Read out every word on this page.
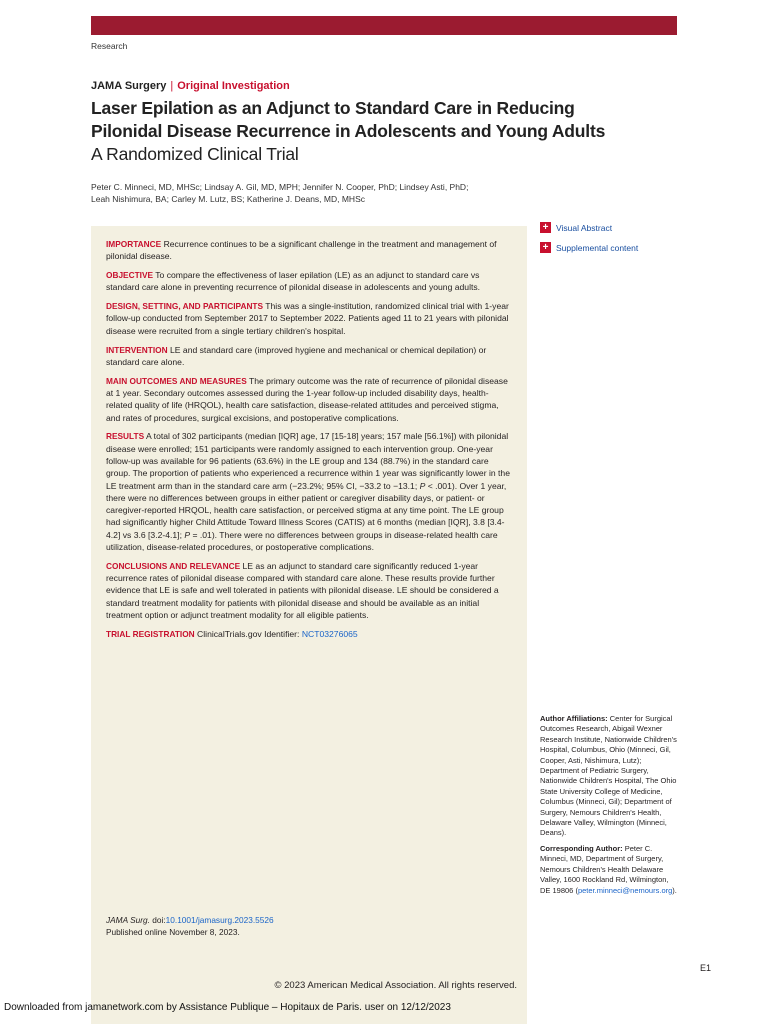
Research
JAMA Surgery | Original Investigation
Laser Epilation as an Adjunct to Standard Care in Reducing
Pilonidal Disease Recurrence in Adolescents and Young Adults
A Randomized Clinical Trial
Peter C. Minneci, MD, MHSc; Lindsay A. Gil, MD, MPH; Jennifer N. Cooper, PhD; Lindsey Asti, PhD;
Leah Nishimura, BA; Carley M. Lutz, BS; Katherine J. Deans, MD, MHSc

IMPORTANCE Recurrence continues to be a significant challenge in the treatment and management of pilonidal disease.

OBJECTIVE To compare the effectiveness of laser epilation (LE) as an adjunct to standard care vs standard care alone in preventing recurrence of pilonidal disease in adolescents and young adults.

DESIGN, SETTING, AND PARTICIPANTS This was a single-institution, randomized clinical trial with 1-year follow-up conducted from September 2017 to September 2022. Patients aged 11 to 21 years with pilonidal disease were recruited from a single tertiary children's hospital.

INTERVENTION LE and standard care (improved hygiene and mechanical or chemical depilation) or standard care alone.

MAIN OUTCOMES AND MEASURES The primary outcome was the rate of recurrence of pilonidal disease at 1 year. Secondary outcomes assessed during the 1-year follow-up included disability days, health-related quality of life (HRQOL), health care satisfaction, disease-related attitudes and perceived stigma, and rates of procedures, surgical excisions, and postoperative complications.

RESULTS A total of 302 participants (median [IQR] age, 17 [15-18] years; 157 male [56.1%]) with pilonidal disease were enrolled; 151 participants were randomly assigned to each intervention group. One-year follow-up was available for 96 patients (63.6%) in the LE group and 134 (88.7%) in the standard care group. The proportion of patients who experienced a recurrence within 1 year was significantly lower in the LE treatment arm than in the standard care arm (−23.2%; 95% CI, −33.2 to −13.1; P < .001). Over 1 year, there were no differences between groups in either patient or caregiver disability days, or patient- or caregiver-reported HRQOL, health care satisfaction, or perceived stigma at any time point. The LE group had significantly higher Child Attitude Toward Illness Scores (CATIS) at 6 months (median [IQR], 3.8 [3.4-4.2] vs 3.6 [3.2-4.1]; P = .01). There were no differences between groups in disease-related health care utilization, disease-related procedures, or postoperative complications.

CONCLUSIONS AND RELEVANCE LE as an adjunct to standard care significantly reduced 1-year recurrence rates of pilonidal disease compared with standard care alone. These results provide further evidence that LE is safe and well tolerated in patients with pilonidal disease. LE should be considered a standard treatment modality for patients with pilonidal disease and should be available as an initial treatment option or adjunct treatment modality for all eligible patients.

TRIAL REGISTRATION ClinicalTrials.gov Identifier: NCT03276065

JAMA Surg. doi:10.1001/jamasurg.2023.5526
Published online November 8, 2023.
© 2023 American Medical Association. All rights reserved.
+ Visual Abstract
+ Supplemental content

Author Affiliations: Center for Surgical Outcomes Research, Abigail Wexner Research Institute, Nationwide Children's Hospital, Columbus, Ohio (Minneci, Gil, Cooper, Asti, Nishimura, Lutz); Department of Pediatric Surgery, Nationwide Children's Hospital, The Ohio State University College of Medicine, Columbus (Minneci, Gil); Department of Surgery, Nemours Children's Health, Delaware Valley, Wilmington (Minneci, Deans).

Corresponding Author: Peter C. Minneci, MD, Department of Surgery, Nemours Children's Health Delaware Valley, 1600 Rockland Rd, Wilmington, DE 19806 (peter.minneci@nemours.org).

E1
Downloaded from jamanetwork.com by Assistance Publique – Hopitaux de Paris. user on 12/12/2023
